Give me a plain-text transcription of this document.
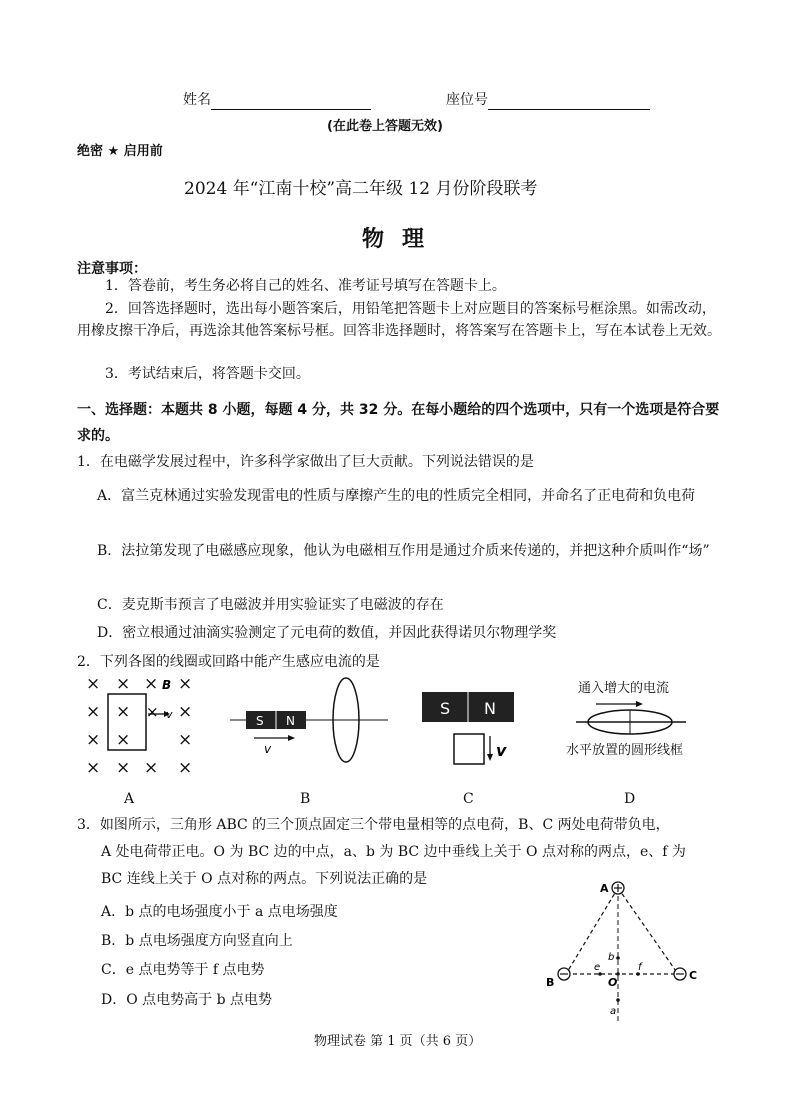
姓名	座位号
(在此卷上答题无效)
绝密 ★ 启用前
2024 年“江南十校”高二年级 12 月份阶段联考
物理
注意事项：
1．答卷前，考生务必将自己的姓名、准考证号填写在答题卡上。
2．回答选择题时，选出每小题答案后，用铅笔把答题卡上对应题目的答案标号框涂黑。如需改动，用橡皮擦干净后，再选涂其他答案标号框。回答非选择题时，将答案写在答题卡上，写在本试卷上无效。
3．考试结束后，将答题卡交回。
一、选择题：本题共 8 小题，每题 4 分，共 32 分。在每小题给的四个选项中，只有一个选项是符合要求的。
1．在电磁学发展过程中，许多科学家做出了巨大贡献。下列说法错误的是
A．富兰克林通过实验发现雷电的性质与摩擦产生的电的性质完全相同，并命名了正电荷和负电荷
B．法拉第发现了电磁感应现象，他认为电磁相互作用是通过介质来传递的，并把这种介质叫作“场”
C．麦克斯韦预言了电磁波并用实验证实了电磁波的存在
D．密立根通过油滴实验测定了元电荷的数值，并因此获得诺贝尔物理学奖
2．下列各图的线圈或回路中能产生感应电流的是
× × × ×
× ×	×
× ×	×
× × × ×
× v
B
A
S N
v
B
S N
v
C
通入增大的电流
水平放置的圆形线框
D
3．如图所示，三角形 ABC 的三个顶点固定三个带电量相等的点电荷，B、C 两处电荷带负电，
A 处电荷带正电。O 为 BC 边的中点，a、b 为 BC 边中垂线上关于 O 点对称的两点，e、f 为
BC 连线上关于 O 点对称的两点。下列说法正确的是
A．b 点的电场强度小于 a 点电场强度
B．b 点电场强度方向竖直向上
C．e 点电势等于 f 点电势
D．O 点电势高于 b 点电势
A
B
C
O
b
a
e	f
物理试卷 第 1 页（共 6 页）
